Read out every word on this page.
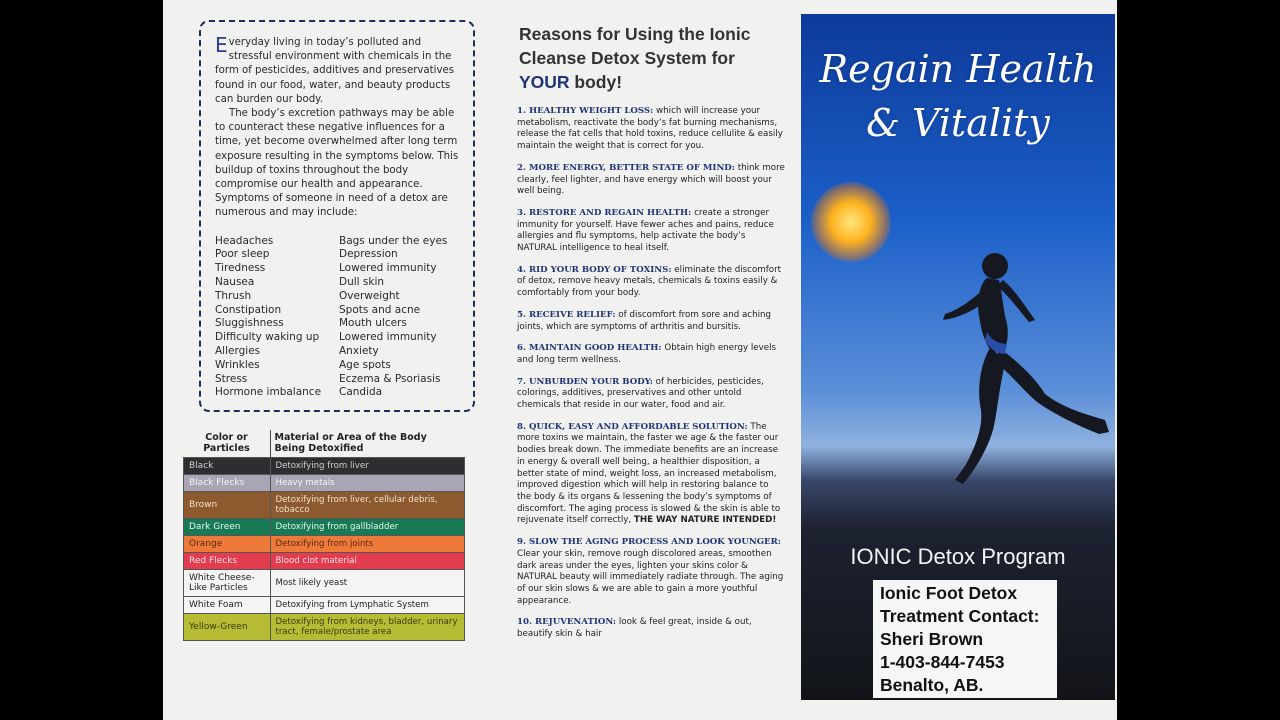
Everyday living in today’s polluted and stressful environment with chemicals in the form of pesticides, additives and preservatives found in our food, water, and beauty products can burden our body.

The body’s excretion pathways may be able to counteract these negative influences for a time, yet become overwhelmed after long term exposure resulting in the symptoms below. This buildup of toxins throughout the body compromise our health and appearance. Symptoms of someone in need of a detox are numerous and may include:

Headaches
Poor sleep
Tiredness
Nausea
Thrush
Constipation
Sluggishness
Difficulty waking up
Allergies
Wrinkles
Stress
Hormone imbalance
Bags under the eyes
Depression
Lowered immunity
Dull skin
Overweight
Spots and acne
Mouth ulcers
Lowered immunity
Anxiety
Age spots
Eczema & Psoriasis
Candida
Color or Particles	Material or Area of the Body Being Detoxified
Black	Detoxifying from liver
Black Flecks	Heavy metals
Brown	Detoxifying from liver, cellular debris, tobacco
Dark Green	Detoxifying from gallbladder
Orange	Detoxifying from joints
Red Flecks	Blood clot material
White Cheese-Like Particles	Most likely yeast
White Foam	Detoxifying from Lymphatic System
Yellow-Green	Detoxifying from kidneys, bladder, urinary tract, female/prostate area
Reasons for Using the Ionic
Cleanse Detox System for
YOUR body!

1. HEALTHY WEIGHT LOSS: which will increase your metabolism, reactivate the body’s fat burning mechanisms, release the fat cells that hold toxins, reduce cellulite & easily maintain the weight that is correct for you.

2. MORE ENERGY, BETTER STATE OF MIND: think more clearly, feel lighter, and have energy which will boost your well being.

3. RESTORE AND REGAIN HEALTH: create a stronger immunity for yourself. Have fewer aches and pains, reduce allergies and flu symptoms, help activate the body’s NATURAL intelligence to heal itself.

4. RID YOUR BODY OF TOXINS: eliminate the discomfort of detox, remove heavy metals, chemicals & toxins easily & comfortably from your body.

5. RECEIVE RELIEF: of discomfort from sore and aching joints, which are symptoms of arthritis and bursitis.

6. MAINTAIN GOOD HEALTH: Obtain high energy levels and long term wellness.

7. UNBURDEN YOUR BODY: of herbicides, pesticides, colorings, additives, preservatives and other untold chemicals that reside in our water, food and air.

8. QUICK, EASY AND AFFORDABLE SOLUTION: The more toxins we maintain, the faster we age & the faster our bodies break down. The immediate benefits are an increase in energy & overall well being, a healthier disposition, a better state of mind, weight loss, an increased metabolism, improved digestion which will help in restoring balance to the body & its organs & lessening the body’s symptoms of discomfort. The aging process is slowed & the skin is able to rejuvenate itself correctly, THE WAY NATURE INTENDED!

9. SLOW THE AGING PROCESS AND LOOK YOUNGER: Clear your skin, remove rough discolored areas, smoothen dark areas under the eyes, lighten your skins color & NATURAL beauty will immediately radiate through. The aging of our skin slows & we are able to gain a more youthful appearance.

10. REJUVENATION: look & feel great, inside & out, beautify skin & hair

Regain Health
& Vitality
IONIC Detox Program
Ionic Foot Detox
Treatment Contact:
Sheri Brown
1-403-844-7453
Benalto, AB.
